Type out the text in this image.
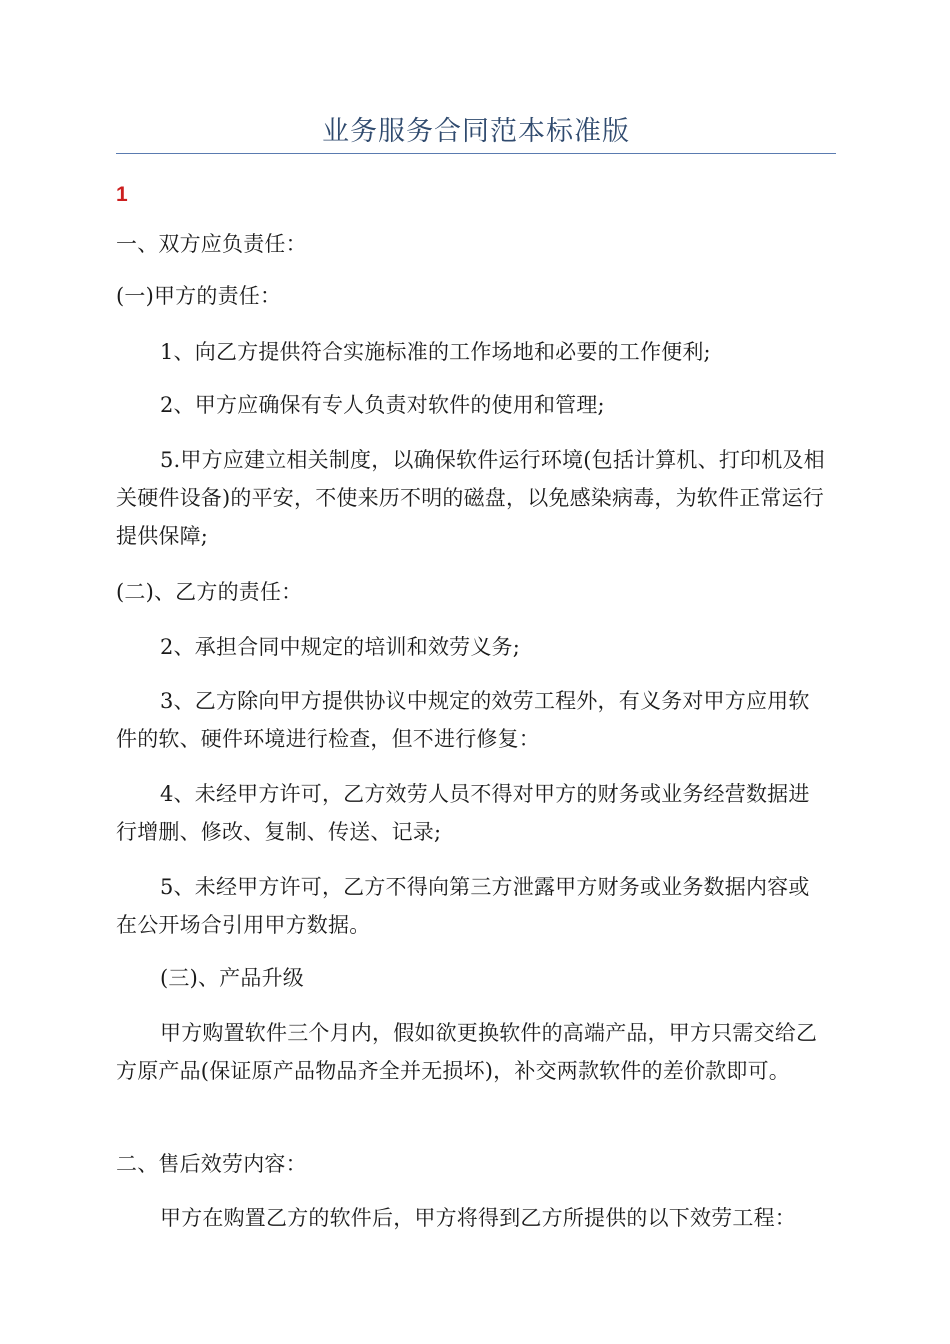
业务服务合同范本标准版
1

一、双方应负责任：

(一)甲方的责任：

1、向乙方提供符合实施标准的工作场地和必要的工作便利;

2、甲方应确保有专人负责对软件的使用和管理;

5.甲方应建立相关制度，以确保软件运行环境(包括计算机、打印机及相关硬件设备)的平安，不使来历不明的磁盘，以免感染病毒，为软件正常运行提供保障;

(二)、乙方的责任：

2、承担合同中规定的培训和效劳义务;

3、乙方除向甲方提供协议中规定的效劳工程外，有义务对甲方应用软件的软、硬件环境进行检查，但不进行修复：

4、未经甲方许可，乙方效劳人员不得对甲方的财务或业务经营数据进行增删、修改、复制、传送、记录;

5、未经甲方许可，乙方不得向第三方泄露甲方财务或业务数据内容或在公开场合引用甲方数据。

(三)、产品升级

甲方购置软件三个月内，假如欲更换软件的高端产品，甲方只需交给乙方原产品(保证原产品物品齐全并无损坏)，补交两款软件的差价款即可。

二、售后效劳内容：

甲方在购置乙方的软件后，甲方将得到乙方所提供的以下效劳工程：
